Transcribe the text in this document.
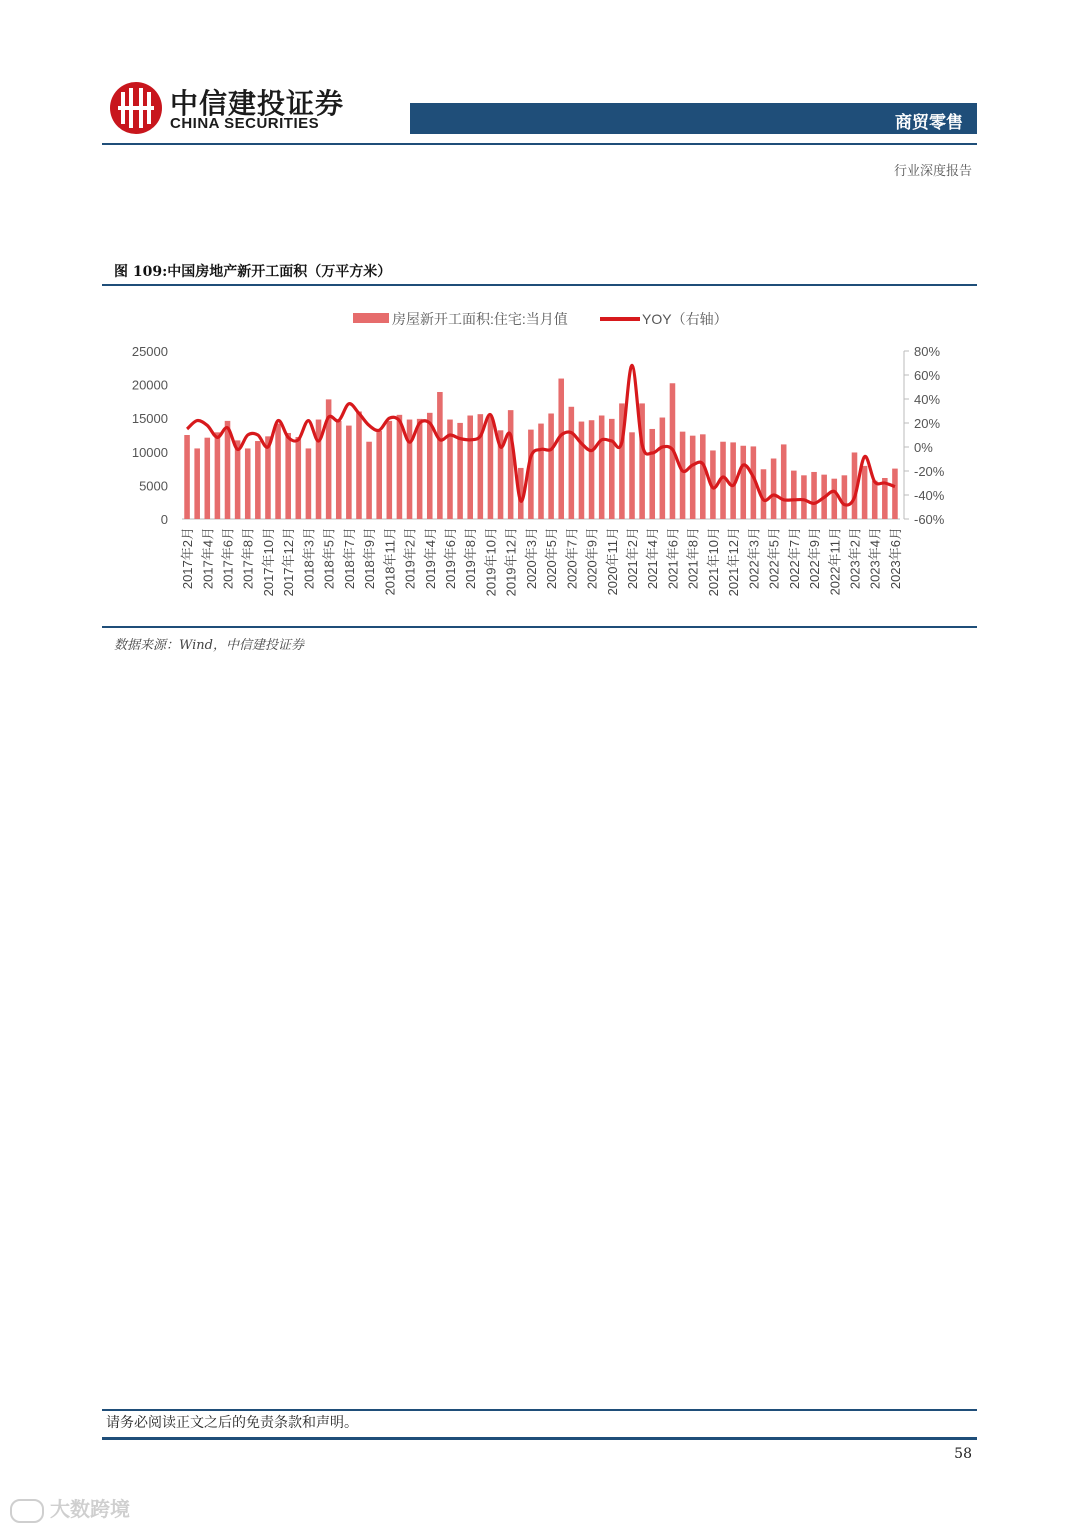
中信建投证券
CHINA SECURITIES	商贸零售
行业深度报告
图 109:中国房地产新开工面积（万平方米）
房屋新开工面积:住宅:当月值	YOY（右轴）
0
5000
10000
15000
20000
25000
-60%
-40%
-20%
0%
20%
40%
60%
80%
2017年2月 2017年4月 2017年6月 2017年8月 2017年10月 2017年12月 2018年3月 2018年5月 2018年7月 2018年9月 2018年11月 2019年2月 2019年4月 2019年6月 2019年8月 2019年10月 2019年12月 2020年3月 2020年5月 2020年7月 2020年9月 2020年11月 2021年2月 2021年4月 2021年6月 2021年8月 2021年10月 2021年12月 2022年3月 2022年5月 2022年7月 2022年9月 2022年11月 2023年2月 2023年4月 2023年6月
数据来源：Wind，中信建投证券
请务必阅读正文之后的免责条款和声明。
58
大数跨境
